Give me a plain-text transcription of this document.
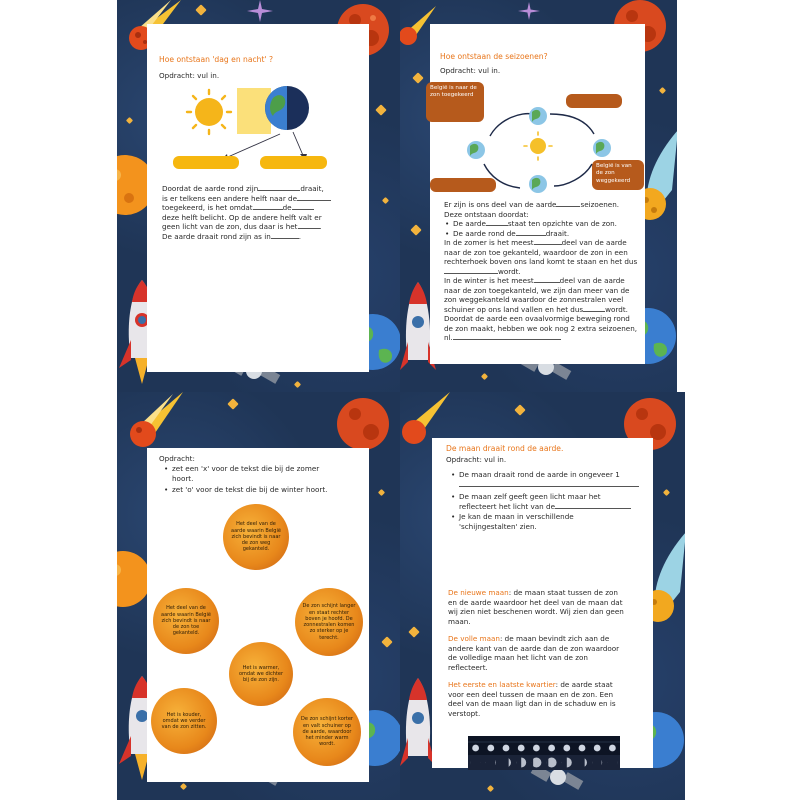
Hoe ontstaan 'dag en nacht' ?
Opdracht: vul in.
Doordat de aarde rond zijn	draait,
is er telkens een andere helft naar de
toegekeerd, is het omdat	de
deze helft belicht. Op de andere helft valt er
geen licht van de zon, dus daar is het	.
De aarde draait rond zijn as in	.
Hoe ontstaan de seizoenen?
Opdracht: vul in.
België is naar de zon toegekeerd
België is van de zon weggekeerd
Er zijn is ons deel van de aarde	seizoenen.
Deze ontstaan doordat:
• De aarde	staat ten opzichte van de zon.
• De aarde rond de	draait.
In de zomer is het meest	deel van de aarde
naar de zon toe gekanteld, waardoor de zon in een
rechterhoek boven ons land komt te staan en het dus
wordt.
In de winter is het meest	deel van de aarde
naar de zon toegekanteld, we zijn dan meer van de
zon weggekanteld waardoor de zonnestralen veel
schuiner op ons land vallen en het dus	wordt.
Doordat de aarde een ovaalvormige beweging rond
de zon maakt, hebben we ook nog 2 extra seizoenen,
nl.
Opdracht:
• zet een 'x' voor de tekst die bij de zomer hoort.
• zet 'o' voor de tekst die bij de winter hoort.
Het deel van de aarde waarin België zich bevindt is naar de zon weg gekanteld.
Het deel van de aarde waarin België zich bevindt is naar de zon toe gekanteld.
De zon schijnt langer en staat rechter boven je hoofd. De zonnestralen komen zo sterker op je terecht.
Het is warmer, omdat we dichter bij de zon zijn.
Het is kouder, omdat we verder van de zon zitten.
De zon schijnt korter en valt schuiner op de aarde, waardoor het minder warm wordt.
De maan draait rond de aarde.
Opdracht: vul in.
• De maan draait rond de aarde in ongeveer 1

• De maan zelf geeft geen licht maar het
reflecteert het licht van de
• Je kan de maan in verschillende
'schijngestalten' zien.
De nieuwe maan: de maan staat tussen de zon
en de aarde waardoor het deel van de maan dat
wij zien niet beschenen wordt. Wij zien dan geen
maan.
De volle maan: de maan bevindt zich aan de
andere kant van de aarde dan de zon waardoor
de volledige maan het licht van de zon
reflecteert.
Het eerste en laatste kwartier: de aarde staat
voor een deel tussen de maan en de zon. Een
deel van de maan ligt dan in de schaduw en is
verstopt.
